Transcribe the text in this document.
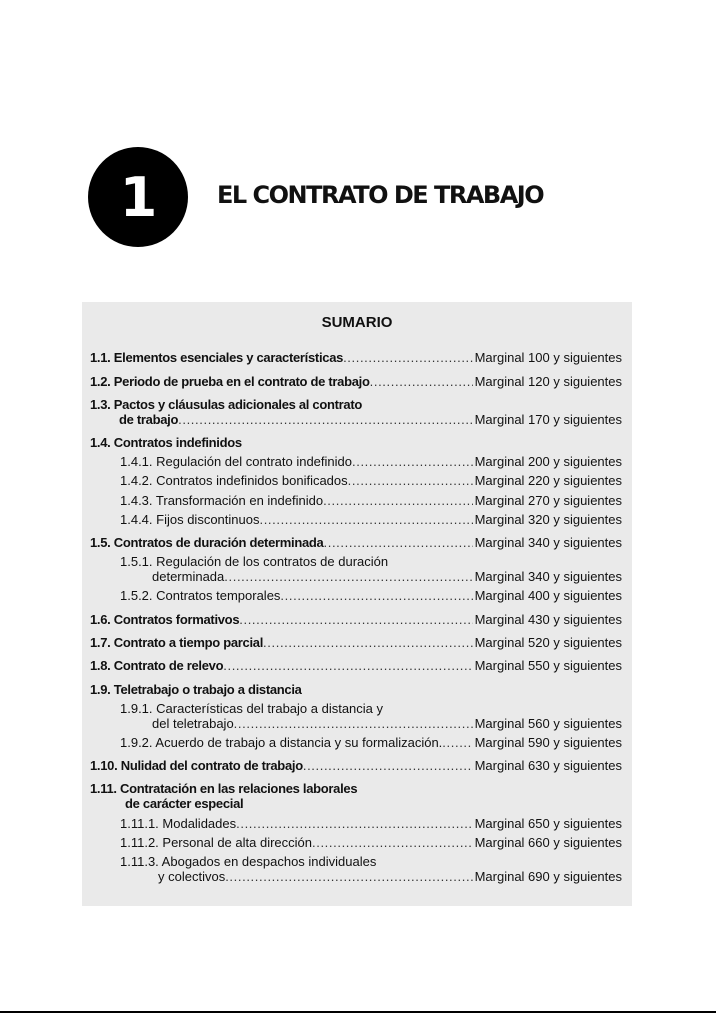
1	EL CONTRATO DE TRABAJO
SUMARIO
1.1. Elementos esenciales y características . . .	Marginal 100 y siguientes
1.2. Periodo de prueba en el contrato de trabajo . . .	Marginal 120 y siguientes
1.3. Pactos y cláusulas adicionales al contrato
de trabajo . . .	Marginal 170 y siguientes
1.4. Contratos indefinidos
1.4.1. Regulación del contrato indefinido . . .	Marginal 200 y siguientes
1.4.2. Contratos indefinidos bonificados . . .	Marginal 220 y siguientes
1.4.3. Transformación en indefinido . . .	Marginal 270 y siguientes
1.4.4. Fijos discontinuos . . .	Marginal 320 y siguientes
1.5. Contratos de duración determinada . . .	Marginal 340 y siguientes
1.5.1. Regulación de los contratos de duración
determinada . . .	Marginal 340 y siguientes
1.5.2. Contratos temporales . . .	Marginal 400 y siguientes
1.6. Contratos formativos . . .	Marginal 430 y siguientes
1.7. Contrato a tiempo parcial . . .	Marginal 520 y siguientes
1.8. Contrato de relevo . . .	Marginal 550 y siguientes
1.9. Teletrabajo o trabajo a distancia
1.9.1. Características del trabajo a distancia y
del teletrabajo . . .	Marginal 560 y siguientes
1.9.2. Acuerdo de trabajo a distancia y su formalización. . . . Marginal 590 y siguientes
1.10. Nulidad del contrato de trabajo . . .	Marginal 630 y siguientes
1.11. Contratación en las relaciones laborales
de carácter especial
1.11.1. Modalidades . . .	Marginal 650 y siguientes
1.11.2. Personal de alta dirección . . .	Marginal 660 y siguientes
1.11.3. Abogados en despachos individuales
y colectivos . . .	Marginal 690 y siguientes
